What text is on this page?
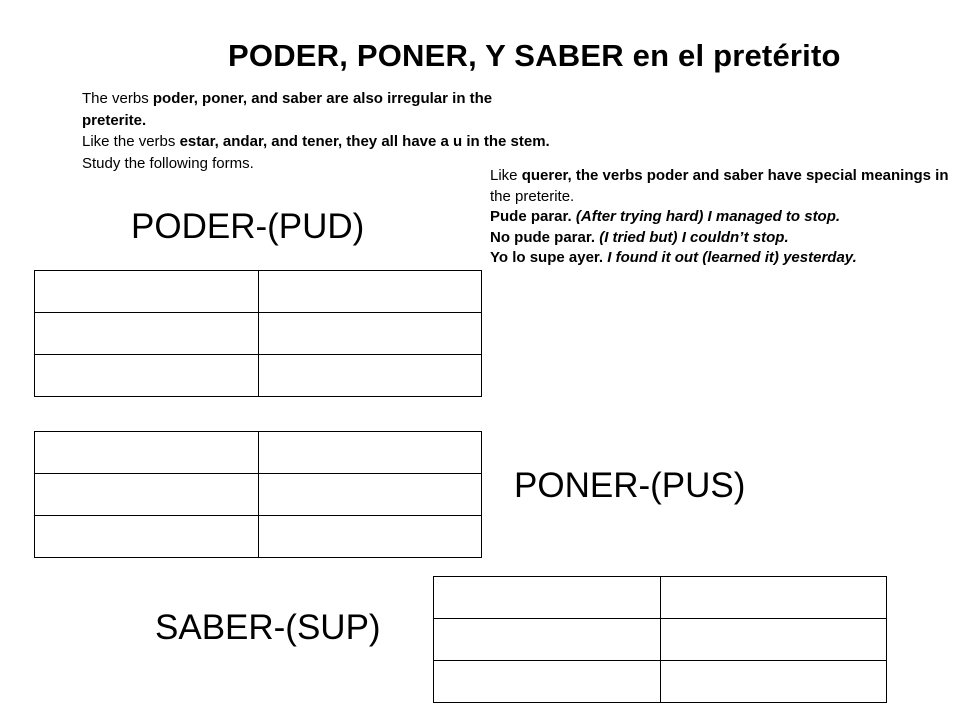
PODER, PONER, Y SABER en el pretérito
The verbs poder, poner, and saber are also irregular in the preterite.
Like the verbs estar, andar, and tener, they all have a u in the stem.
Study the following forms.
Like querer, the verbs poder and saber have special meanings in
the preterite.
Pude parar. (After trying hard) I managed to stop.
No pude parar. (I tried but) I couldn’t stop.
Yo lo supe ayer. I found it out (learned it) yesterday.
PODER-(PUD)

PONER-(PUS)
SABER-(SUP)
